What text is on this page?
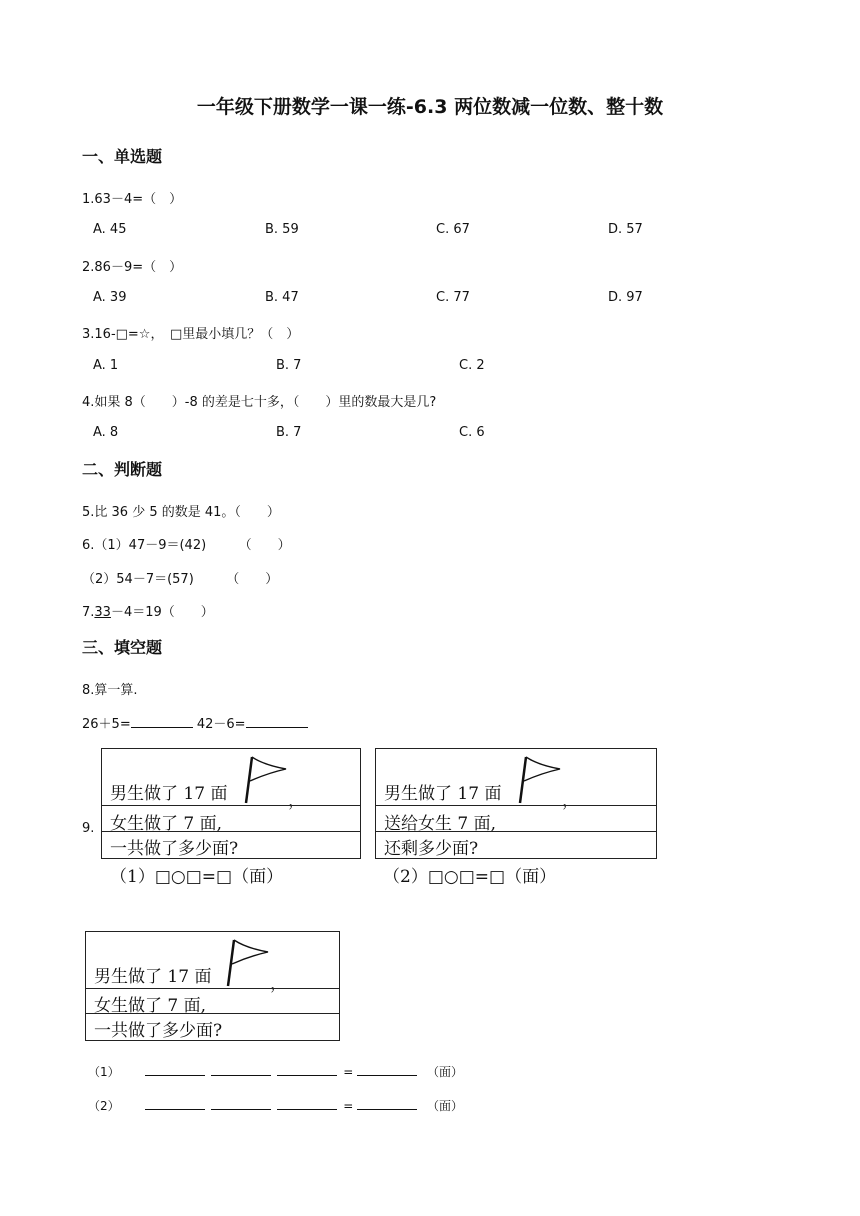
一年级下册数学一课一练-6.3 两位数减一位数、整十数
一、单选题
1.63－4=（　）
A. 45	B. 59	C. 67	D. 57
2.86－9=（　）
A. 39	B. 47	C. 77	D. 97
3.16-□=☆，　□里最小填几？（　）
A. 1	B. 7	C. 2
4.如果 8（　　）-8 的差是七十多，（　　）里的数最大是几?
A. 8	B. 7	C. 6
二、判断题
5.比 36 少 5 的数是 41。（　　）
6.（1）47－9＝(42)　　　（　　）
（2）54－7＝(57)　　　（　　）
7.33－4＝19（　　）
三、填空题
8.算一算.
26＋5=	42－6=
9.
男生做了 17 面	，
女生做了 7 面,
一共做了多少面?
（1）□○□=□（面）
男生做了 17 面	，
送给女生 7 面,
还剩多少面?
（2）□○□=□（面）
男生做了 17 面	，
女生做了 7 面,
一共做了多少面?
（1）	=	（面）
（2）	=	（面）
